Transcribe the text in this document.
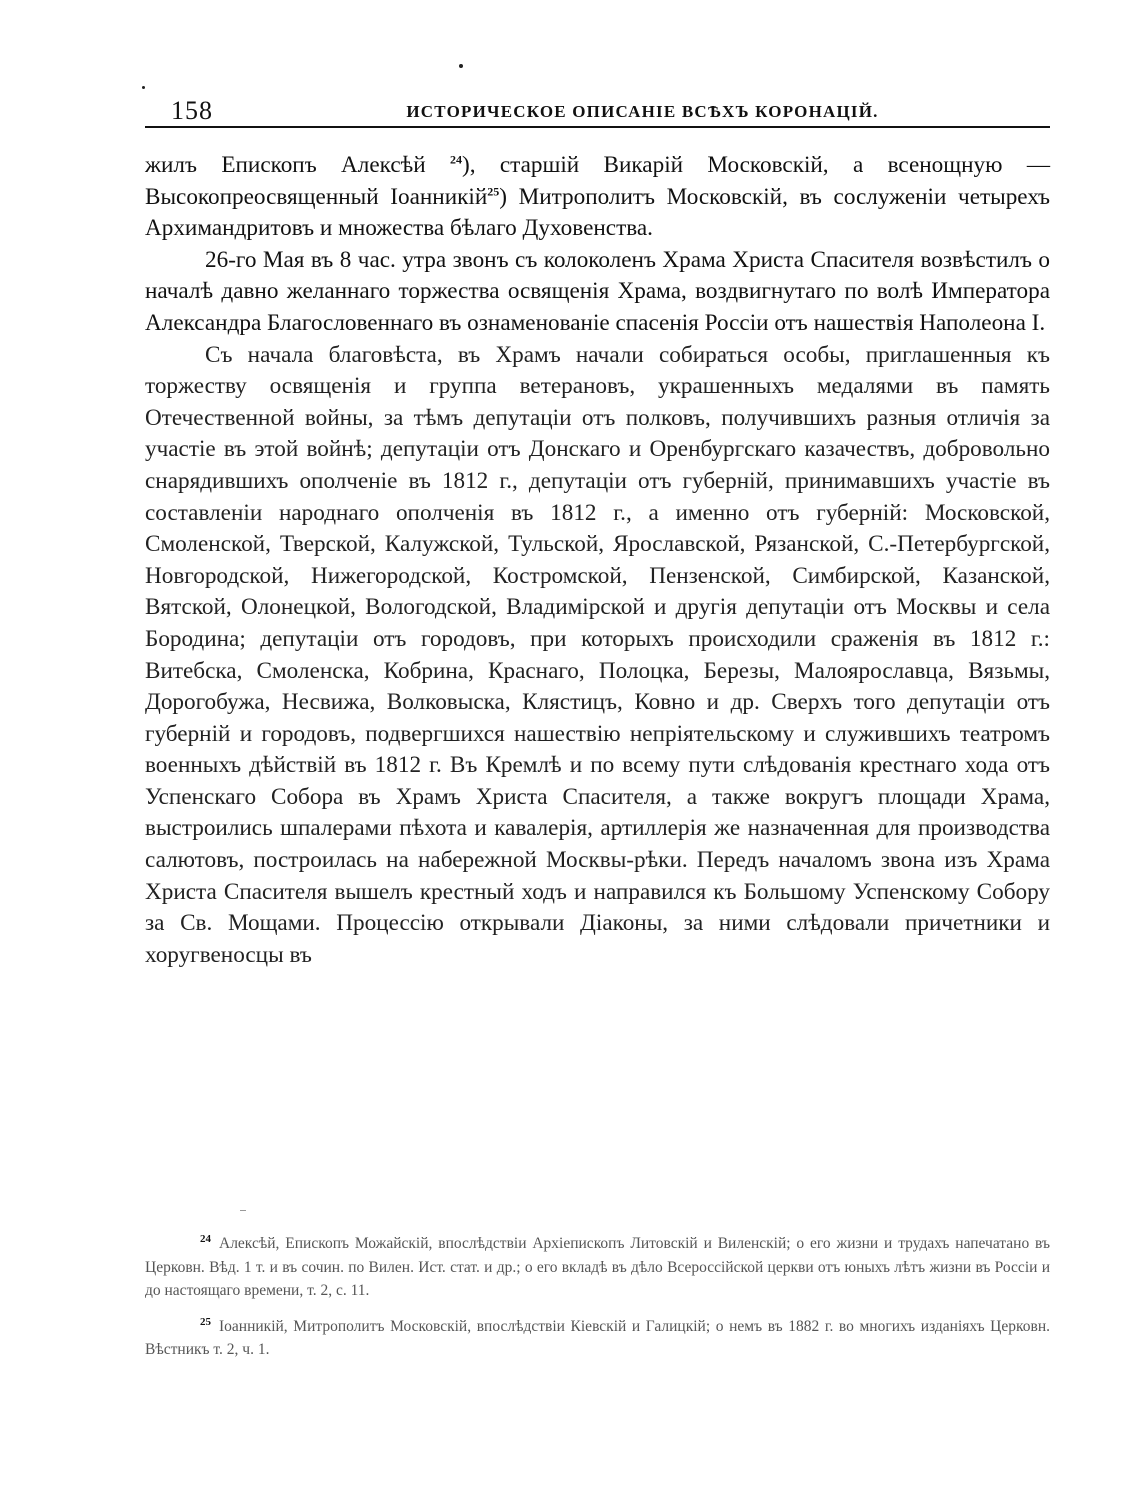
158	ИСТОРИЧЕСКОЕ ОПИСАНІЕ ВСѢХЪ КОРОНАЦІЙ.

жилъ Епископъ Алексѣй $^{24}$), старшій Викарій Московскій, а всенощную — Высокопреосвященный Іоанникій$^{25}$) Митрополитъ Московскій, въ сослуженіи четырехъ Архимандритовъ и множества бѣлаго Духовенства.

26-го Мая въ 8 час. утра звонъ съ колоколенъ Храма Христа Спасителя возвѣстилъ о началѣ давно желаннаго торжества освященія Храма, воздвигнутаго по волѣ Императора Александра Благословеннаго въ ознаменованіе спасенія Россіи отъ нашествія Наполеона I.

Съ начала благовѣста, въ Храмъ начали собираться особы, приглашенныя къ торжеству освященія и группа ветерановъ, украшенныхъ медалями въ память Отечественной войны, за тѣмъ депутаціи отъ полковъ, получившихъ разныя отличія за участіе въ этой войнѣ; депутаціи отъ Донскаго и Оренбургскаго казачествъ, добровольно снарядившихъ ополченіе въ 1812 г., депутаціи отъ губерній, принимавшихъ участіе въ составленіи народнаго ополченія въ 1812 г., а именно отъ губерній: Московской, Смоленской, Тверской, Калужской, Тульской, Ярославской, Рязанской, С.-Петербургской, Новгородской, Нижегородской, Костромской, Пензенской, Симбирской, Казанской, Вятской, Олонецкой, Вологодской, Владимірской и другія депутаціи отъ Москвы и села Бородина; депутаціи отъ городовъ, при которыхъ происходили сраженія въ 1812 г.: Витебска, Смоленска, Кобрина, Краснаго, Полоцка, Березы, Малоярославца, Вязьмы, Дорогобужа, Несвижа, Волковыска, Клястицъ, Ковно и др. Сверхъ того депутаціи отъ губерній и городовъ, подвергшихся нашествію непріятельскому и служившихъ театромъ военныхъ дѣйствій въ 1812 г. Въ Кремлѣ и по всему пути слѣдованія крестнаго хода отъ Успенскаго Собора въ Храмъ Христа Спасителя, а также вокругъ площади Храма, выстроились шпалерами пѣхота и кавалерія, артиллерія же назначенная для производства салютовъ, построилась на набережной Москвы-рѣки. Передъ началомъ звона изъ Храма Христа Спасителя вышелъ крестный ходъ и направился къ Большому Успенскому Собору за Св. Мощами. Процессію открывали Діаконы, за ними слѣдовали причетники и хоругвеносцы въ

$^{24}$ Алексѣй, Епископъ Можайскій, впослѣдствіи Архіепископъ Литовскій и Виленскій; о его жизни и трудахъ напечатано въ Церковн. Вѣд. 1 т. и въ сочин. по Вилен. Ист. стат. и др.; о его вкладѣ въ дѣло Всероссійской церкви отъ юныхъ лѣтъ жизни въ Россіи и до настоящаго времени, т. 2, с. 11.

$^{25}$ Іоанникій, Митрополитъ Московскій, впослѣдствіи Кіевскій и Галицкій; о немъ въ 1882 г. во многихъ изданіяхъ Церковн. Вѣстникъ т. 2, ч. 1.
